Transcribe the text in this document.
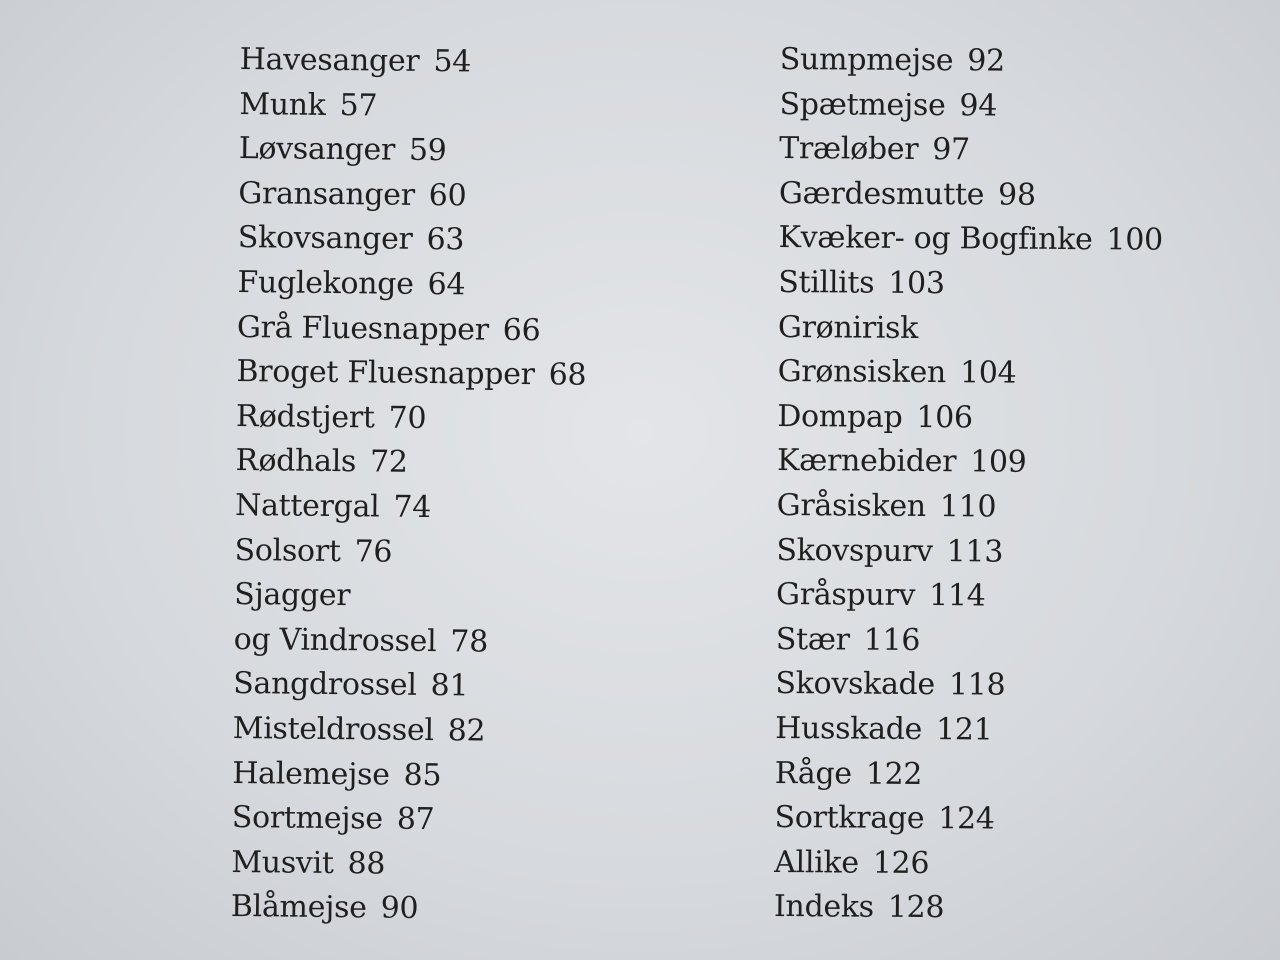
Havesanger 54
Munk 57
Løvsanger 59
Gransanger 60
Skovsanger 63
Fuglekonge 64
Grå Fluesnapper 66
Broget Fluesnapper 68
Rødstjert 70
Rødhals 72
Nattergal 74
Solsort 76
Sjagger
og Vindrossel 78
Sangdrossel 81
Misteldrossel 82
Halemejse 85
Sortmejse 87
Musvit 88
Blåmejse 90
Sumpmejse 92
Spætmejse 94
Træløber 97
Gærdesmutte 98
Kvæker- og Bogfinke 100
Stillits 103
Grønirisk
Grønsisken 104
Dompap 106
Kærnebider 109
Gråsisken 110
Skovspurv 113
Gråspurv 114
Stær 116
Skovskade 118
Husskade 121
Råge 122
Sortkrage 124
Allike 126
Indeks 128
